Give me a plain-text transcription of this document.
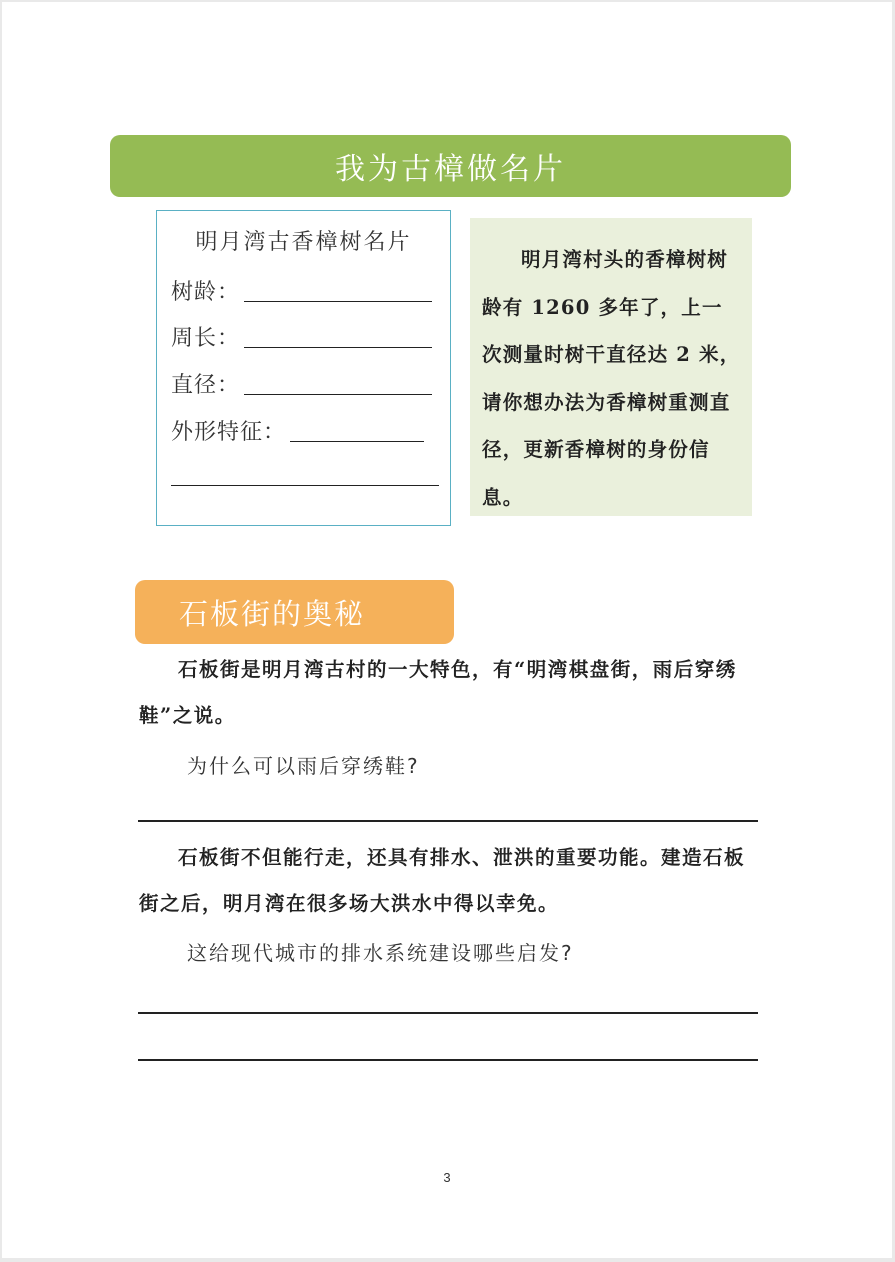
我为古樟做名片
明月湾古香樟树名片
树龄：
周长：
直径：
外形特征：
明月湾村头的香樟树树龄有 1260 多年了，上一次测量时树干直径达 2 米，请你想办法为香樟树重测直径，更新香樟树的身份信息。
石板街的奥秘
石板街是明月湾古村的一大特色，有“明湾棋盘街，雨后穿绣鞋”之说。
为什么可以雨后穿绣鞋?
石板街不但能行走，还具有排水、泄洪的重要功能。建造石板街之后，明月湾在很多场大洪水中得以幸免。
这给现代城市的排水系统建设哪些启发?
3
